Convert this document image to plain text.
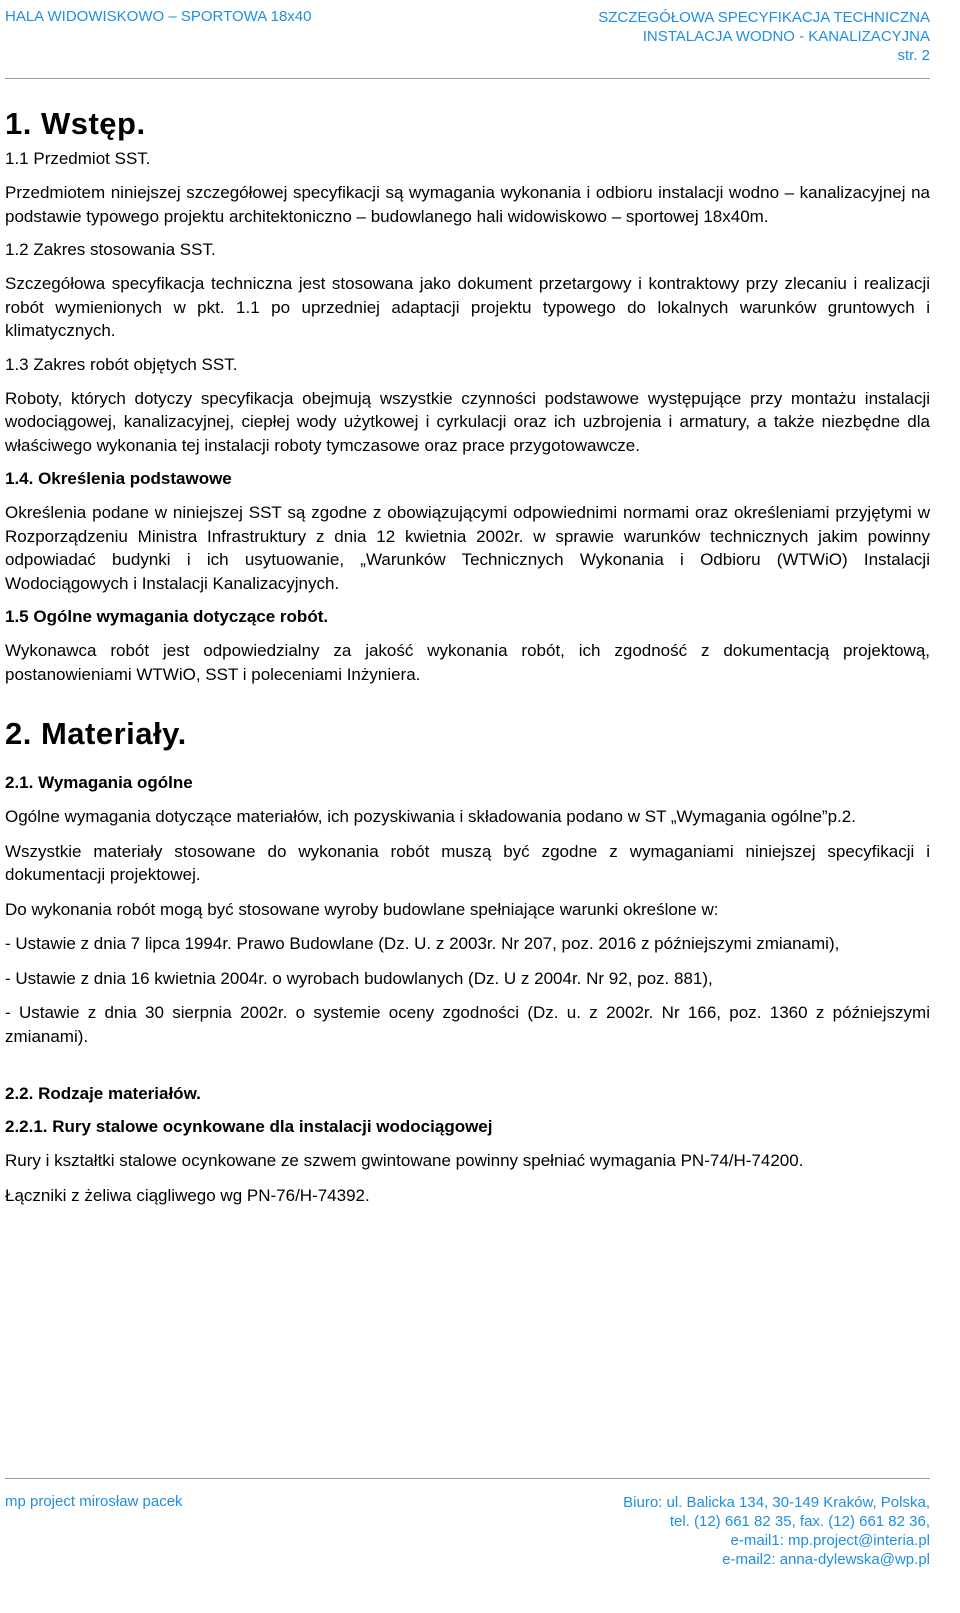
HALA WIDOWISKOWO – SPORTOWA 18x40	SZCZEGÓŁOWA SPECYFIKACJA TECHNICZNA
INSTALACJA WODNO - KANALIZACYJNA
str. 2
1. Wstęp.
1.1 Przedmiot SST.
Przedmiotem niniejszej szczegółowej specyfikacji są wymagania wykonania i odbioru instalacji wodno – kanalizacyjnej na podstawie typowego projektu architektoniczno – budowlanego hali widowiskowo – sportowej 18x40m.
1.2 Zakres stosowania SST.
Szczegółowa specyfikacja techniczna jest stosowana jako dokument przetargowy i kontraktowy przy zlecaniu i realizacji robót wymienionych w pkt. 1.1 po uprzedniej adaptacji projektu typowego do lokalnych warunków gruntowych i klimatycznych.
1.3 Zakres robót objętych SST.
Roboty, których dotyczy specyfikacja obejmują wszystkie czynności podstawowe występujące przy montażu instalacji wodociągowej, kanalizacyjnej, ciepłej wody użytkowej i cyrkulacji oraz ich uzbrojenia i armatury, a także niezbędne dla właściwego wykonania tej instalacji roboty tymczasowe oraz prace przygotowawcze.
1.4. Określenia podstawowe
Określenia podane w niniejszej SST są zgodne z obowiązującymi odpowiednimi normami oraz określeniami przyjętymi w Rozporządzeniu Ministra Infrastruktury z dnia 12 kwietnia 2002r. w sprawie warunków technicznych jakim powinny odpowiadać budynki i ich usytuowanie, „Warunków Technicznych Wykonania i Odbioru (WTWiO) Instalacji Wodociągowych i Instalacji Kanalizacyjnych.
1.5 Ogólne wymagania dotyczące robót.
Wykonawca robót jest odpowiedzialny za jakość wykonania robót, ich zgodność z dokumentacją projektową, postanowieniami WTWiO, SST i poleceniami Inżyniera.
2. Materiały.
2.1. Wymagania ogólne
Ogólne wymagania dotyczące materiałów, ich pozyskiwania i składowania podano w ST „Wymagania ogólne”p.2.
Wszystkie materiały stosowane do wykonania robót muszą być zgodne z wymaganiami niniejszej specyfikacji i dokumentacji projektowej.
Do wykonania robót mogą być stosowane wyroby budowlane spełniające warunki określone w:
- Ustawie z dnia 7 lipca 1994r. Prawo Budowlane (Dz. U. z 2003r. Nr 207, poz. 2016 z późniejszymi zmianami),
- Ustawie z dnia 16 kwietnia 2004r. o wyrobach budowlanych (Dz. U z 2004r. Nr 92, poz. 881),
- Ustawie z dnia 30 sierpnia 2002r. o systemie oceny zgodności (Dz. u. z 2002r. Nr 166, poz. 1360 z późniejszymi zmianami).
2.2. Rodzaje materiałów.
2.2.1. Rury stalowe ocynkowane dla instalacji wodociągowej
Rury i kształtki stalowe ocynkowane ze szwem gwintowane powinny spełniać wymagania PN-74/H-74200.
Łączniki z żeliwa ciągliwego wg PN-76/H-74392.
mp project mirosław pacek	Biuro: ul. Balicka 134, 30-149 Kraków, Polska,
tel. (12) 661 82 35, fax. (12) 661 82 36,
e-mail1: mp.project@interia.pl
e-mail2: anna-dylewska@wp.pl
